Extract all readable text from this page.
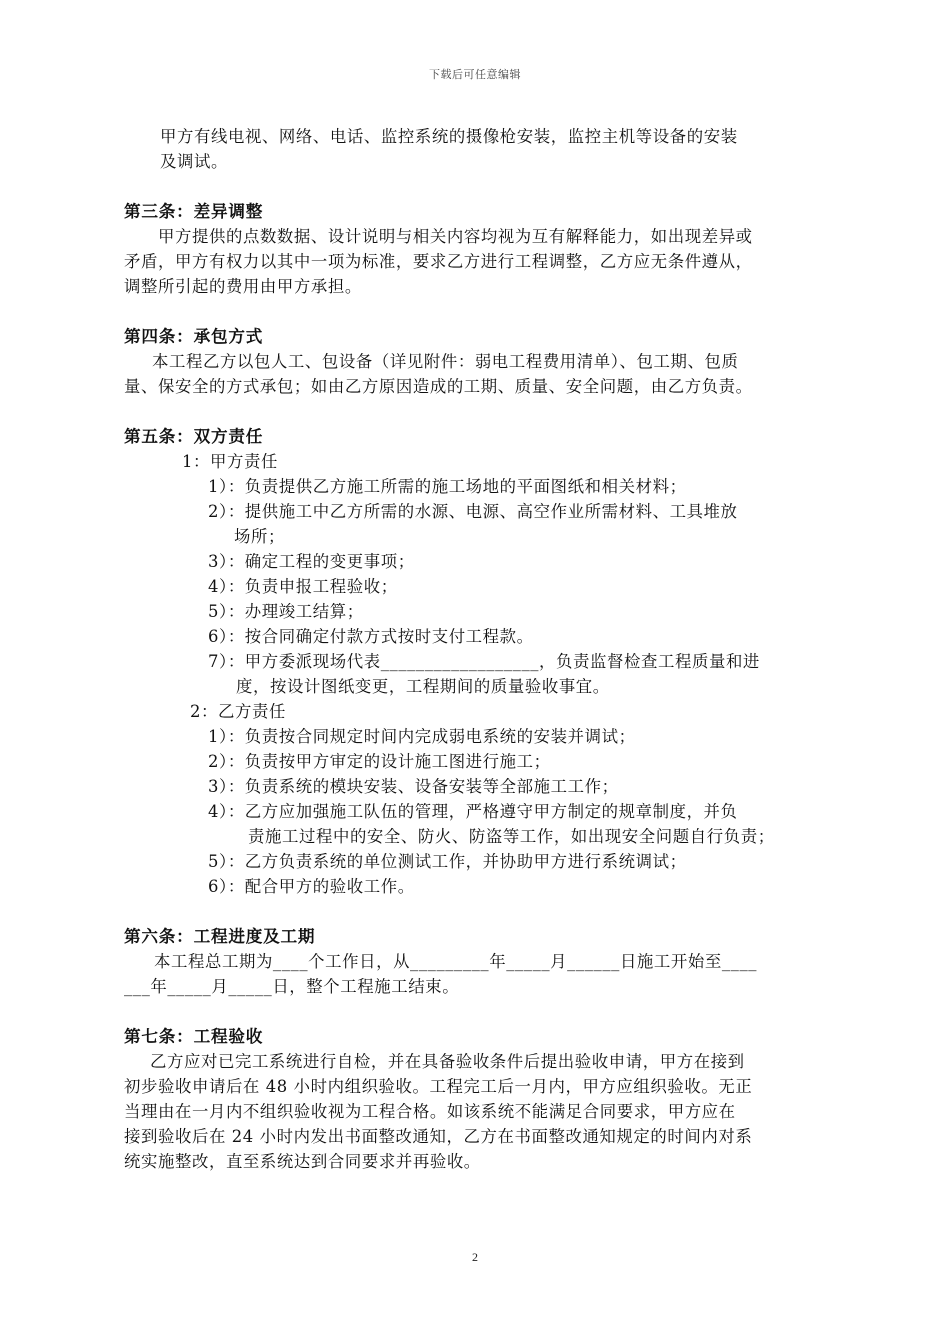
下载后可任意编辑
甲方有线电视、网络、电话、监控系统的摄像枪安装，监控主机等设备的安装
及调试。
第三条：差异调整
甲方提供的点数数据、设计说明与相关内容均视为互有解释能力，如出现差异或
矛盾，甲方有权力以其中一项为标准，要求乙方进行工程调整，乙方应无条件遵从，
调整所引起的费用由甲方承担。
第四条：承包方式
本工程乙方以包人工、包设备（详见附件：弱电工程费用清单）、包工期、包质
量、保安全的方式承包；如由乙方原因造成的工期、质量、安全问题，由乙方负责。
第五条：双方责任
1：甲方责任
1）：负责提供乙方施工所需的施工场地的平面图纸和相关材料；
2）：提供施工中乙方所需的水源、电源、高空作业所需材料、工具堆放
场所；
3）：确定工程的变更事项；
4）：负责申报工程验收；
5）：办理竣工结算；
6）：按合同确定付款方式按时支付工程款。
7）：甲方委派现场代表__________________，负责监督检查工程质量和进
度，按设计图纸变更，工程期间的质量验收事宜。
2：乙方责任
1）：负责按合同规定时间内完成弱电系统的安装并调试；
2）：负责按甲方审定的设计施工图进行施工；
3）：负责系统的模块安装、设备安装等全部施工工作；
4）：乙方应加强施工队伍的管理，严格遵守甲方制定的规章制度，并负
责施工过程中的安全、防火、防盗等工作，如出现安全问题自行负责；
5）：乙方负责系统的单位测试工作，并协助甲方进行系统调试；
6）：配合甲方的验收工作。
第六条：工程进度及工期
本工程总工期为____个工作日，从_________年_____月______日施工开始至____
___年_____月_____日，整个工程施工结束。
第七条：工程验收
乙方应对已完工系统进行自检，并在具备验收条件后提出验收申请，甲方在接到
初步验收申请后在 48 小时内组织验收。工程完工后一月内，甲方应组织验收。无正
当理由在一月内不组织验收视为工程合格。如该系统不能满足合同要求，甲方应在
接到验收后在 24 小时内发出书面整改通知，乙方在书面整改通知规定的时间内对系
统实施整改，直至系统达到合同要求并再验收。
2
